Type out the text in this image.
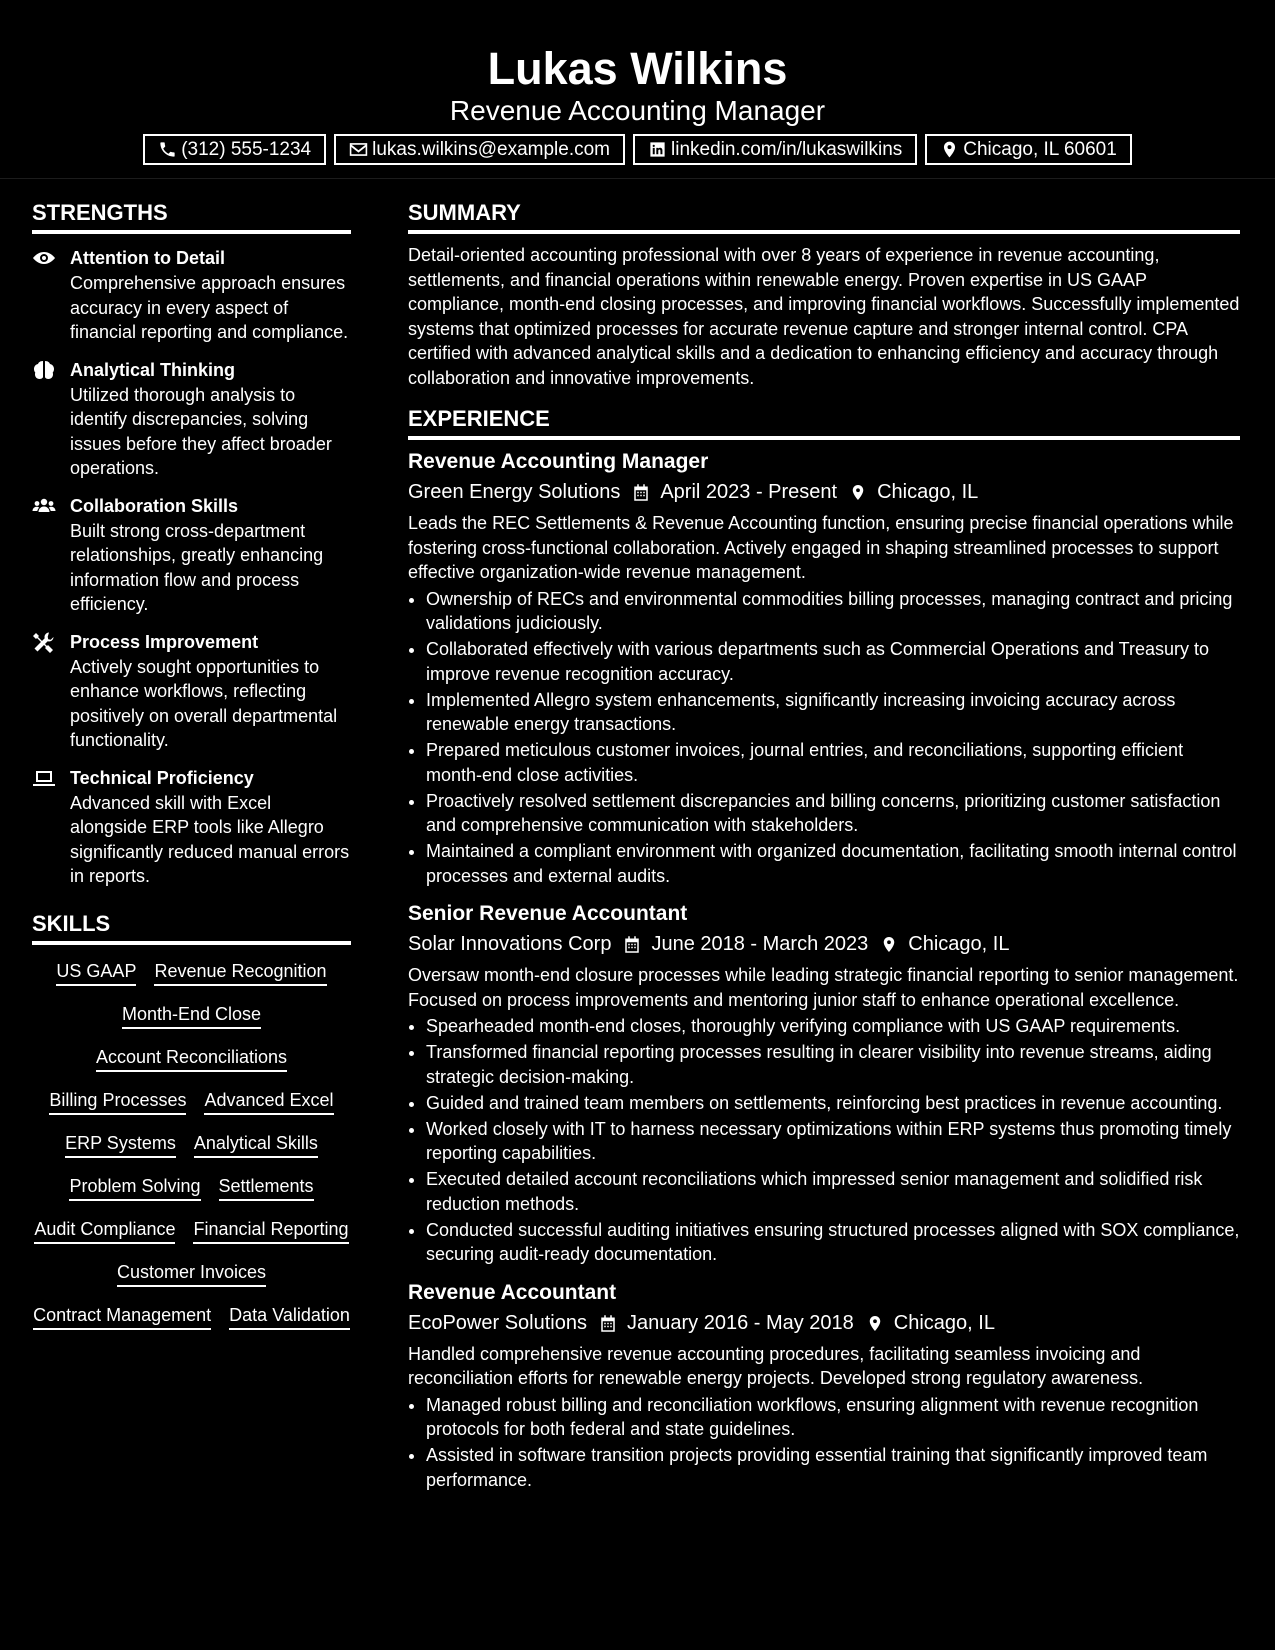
Lukas Wilkins
Revenue Accounting Manager
(312) 555-1234	lukas.wilkins@example.com	linkedin.com/in/lukaswilkins	Chicago, IL 60601
STRENGTHS
Attention to Detail
Comprehensive approach ensures accuracy in every aspect of financial reporting and compliance.
Analytical Thinking
Utilized thorough analysis to identify discrepancies, solving issues before they affect broader operations.
Collaboration Skills
Built strong cross-department relationships, greatly enhancing information flow and process efficiency.
Process Improvement
Actively sought opportunities to enhance workflows, reflecting positively on overall departmental functionality.
Technical Proficiency
Advanced skill with Excel alongside ERP tools like Allegro significantly reduced manual errors in reports.
SKILLS
US GAAP Revenue Recognition
Month-End Close
Account Reconciliations
Billing Processes Advanced Excel
ERP Systems Analytical Skills
Problem Solving Settlements
Audit Compliance Financial Reporting
Customer Invoices
Contract Management Data Validation
SUMMARY
Detail-oriented accounting professional with over 8 years of experience in revenue accounting, settlements, and financial operations within renewable energy. Proven expertise in US GAAP compliance, month-end closing processes, and improving financial workflows. Successfully implemented systems that optimized processes for accurate revenue capture and stronger internal control. CPA certified with advanced analytical skills and a dedication to enhancing efficiency and accuracy through collaboration and innovative improvements.
EXPERIENCE
Revenue Accounting Manager
Green Energy Solutions April 2023 - Present Chicago, IL
Leads the REC Settlements & Revenue Accounting function, ensuring precise financial operations while fostering cross-functional collaboration. Actively engaged in shaping streamlined processes to support effective organization-wide revenue management.
• Ownership of RECs and environmental commodities billing processes, managing contract and pricing validations judiciously.
• Collaborated effectively with various departments such as Commercial Operations and Treasury to improve revenue recognition accuracy.
• Implemented Allegro system enhancements, significantly increasing invoicing accuracy across renewable energy transactions.
• Prepared meticulous customer invoices, journal entries, and reconciliations, supporting efficient month-end close activities.
• Proactively resolved settlement discrepancies and billing concerns, prioritizing customer satisfaction and comprehensive communication with stakeholders.
• Maintained a compliant environment with organized documentation, facilitating smooth internal control processes and external audits.
Senior Revenue Accountant
Solar Innovations Corp June 2018 - March 2023 Chicago, IL
Oversaw month-end closure processes while leading strategic financial reporting to senior management. Focused on process improvements and mentoring junior staff to enhance operational excellence.
• Spearheaded month-end closes, thoroughly verifying compliance with US GAAP requirements.
• Transformed financial reporting processes resulting in clearer visibility into revenue streams, aiding strategic decision-making.
• Guided and trained team members on settlements, reinforcing best practices in revenue accounting.
• Worked closely with IT to harness necessary optimizations within ERP systems thus promoting timely reporting capabilities.
• Executed detailed account reconciliations which impressed senior management and solidified risk reduction methods.
• Conducted successful auditing initiatives ensuring structured processes aligned with SOX compliance, securing audit-ready documentation.
Revenue Accountant
EcoPower Solutions January 2016 - May 2018 Chicago, IL
Handled comprehensive revenue accounting procedures, facilitating seamless invoicing and reconciliation efforts for renewable energy projects. Developed strong regulatory awareness.
• Managed robust billing and reconciliation workflows, ensuring alignment with revenue recognition protocols for both federal and state guidelines.
• Assisted in software transition projects providing essential training that significantly improved team performance.
